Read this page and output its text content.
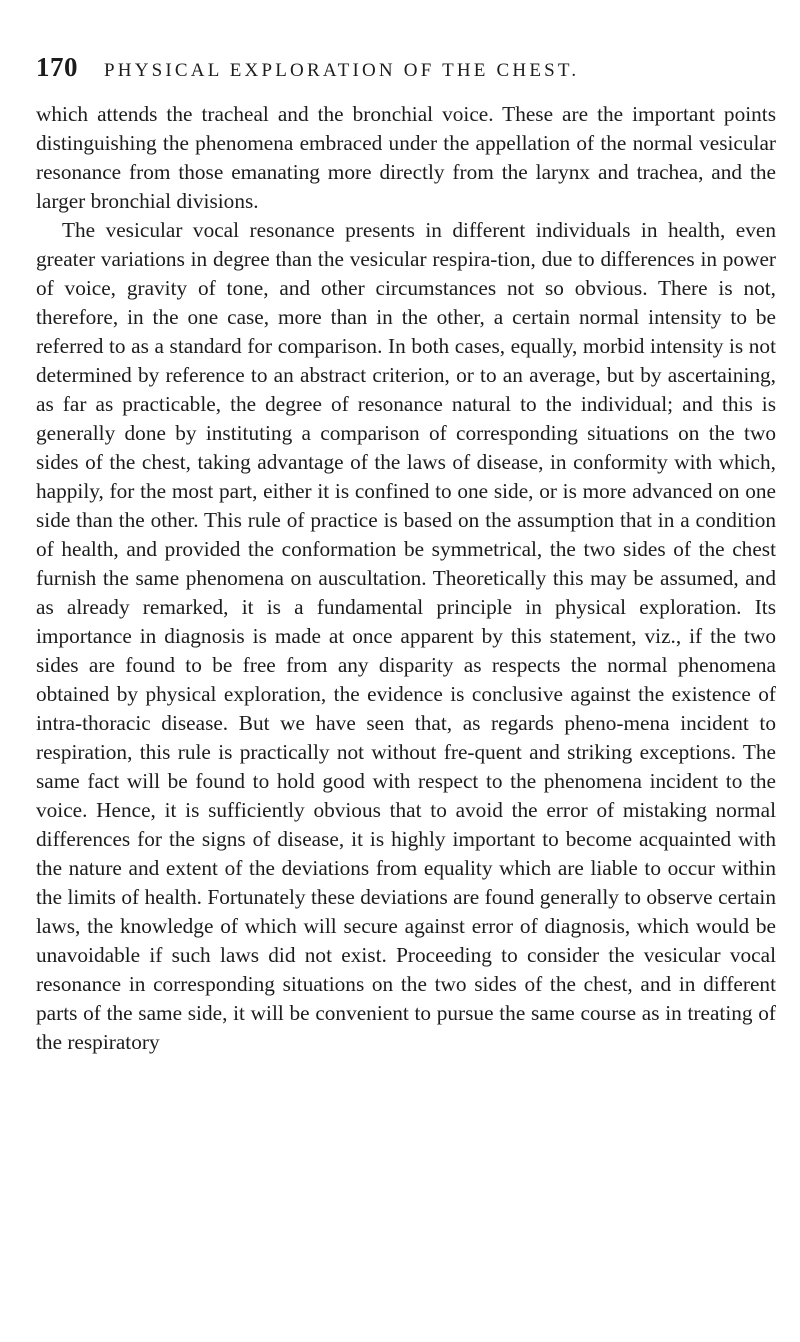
170 PHYSICAL EXPLORATION OF THE CHEST.

which attends the tracheal and the bronchial voice. These are the important points distinguishing the phenomena embraced under the appellation of the normal vesicular resonance from those emanating more directly from the larynx and trachea, and the larger bronchial divisions.

The vesicular vocal resonance presents in different individuals in health, even greater variations in degree than the vesicular respira-tion, due to differences in power of voice, gravity of tone, and other circumstances not so obvious. There is not, therefore, in the one case, more than in the other, a certain normal intensity to be referred to as a standard for comparison. In both cases, equally, morbid intensity is not determined by reference to an abstract criterion, or to an average, but by ascertaining, as far as practicable, the degree of resonance natural to the individual; and this is generally done by instituting a comparison of corresponding situations on the two sides of the chest, taking advantage of the laws of disease, in conformity with which, happily, for the most part, either it is confined to one side, or is more advanced on one side than the other. This rule of practice is based on the assumption that in a condition of health, and provided the conformation be symmetrical, the two sides of the chest furnish the same phenomena on auscultation. Theoretically this may be assumed, and as already remarked, it is a fundamental principle in physical exploration. Its importance in diagnosis is made at once apparent by this statement, viz., if the two sides are found to be free from any disparity as respects the normal phenomena obtained by physical exploration, the evidence is conclusive against the existence of intra-thoracic disease. But we have seen that, as regards pheno-mena incident to respiration, this rule is practically not without fre-quent and striking exceptions. The same fact will be found to hold good with respect to the phenomena incident to the voice. Hence, it is sufficiently obvious that to avoid the error of mistaking normal differences for the signs of disease, it is highly important to become acquainted with the nature and extent of the deviations from equality which are liable to occur within the limits of health. Fortunately these deviations are found generally to observe certain laws, the knowledge of which will secure against error of diagnosis, which would be unavoidable if such laws did not exist. Proceeding to consider the vesicular vocal resonance in corresponding situations on the two sides of the chest, and in different parts of the same side, it will be convenient to pursue the same course as in treating of the respiratory
